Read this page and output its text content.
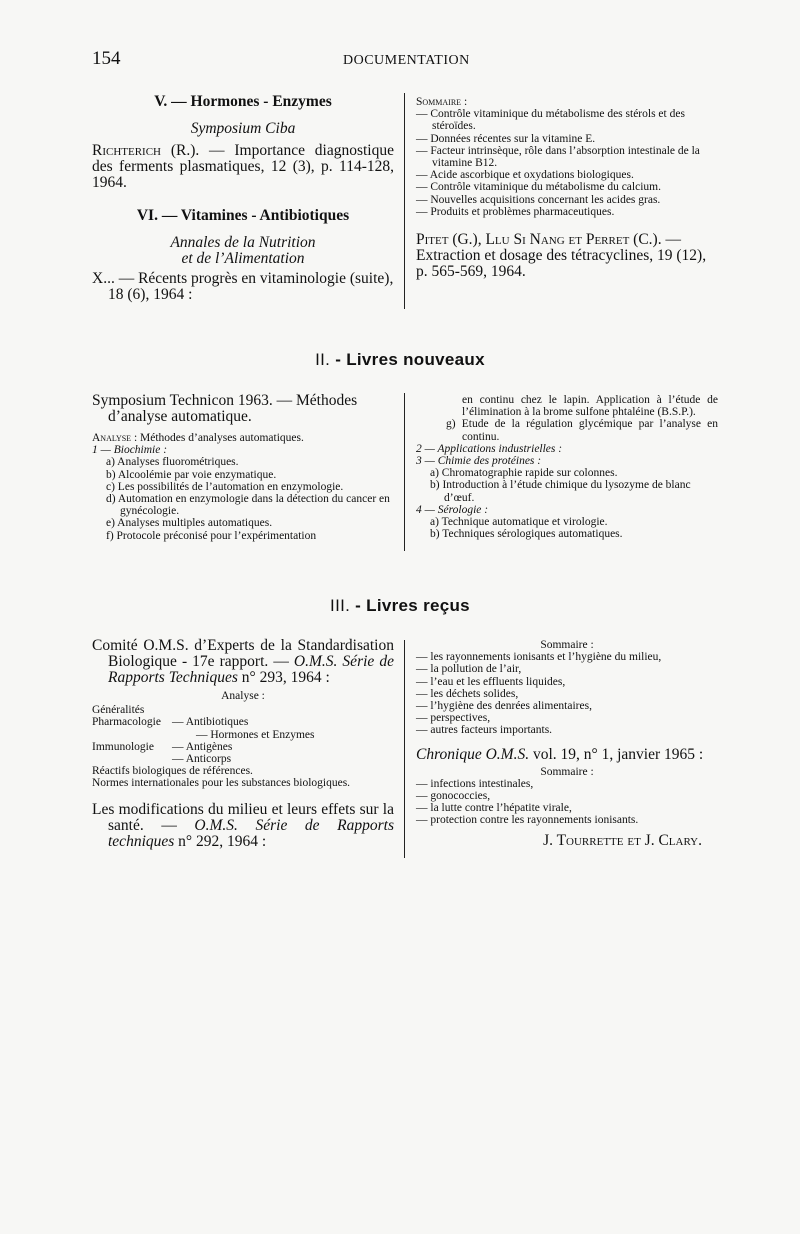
154	DOCUMENTATION

V. — Hormones - Enzymes

Symposium Ciba

Richterich (R.). — Importance diagnostique des ferments plasmatiques, 12 (3), p. 114-128, 1964.

VI. — Vitamines - Antibiotiques

Annales de la Nutrition

et de l’Alimentation

X... — Récents progrès en vitaminologie (suite), 18 (6), 1964 :

Sommaire :

— Contrôle vitaminique du métabolisme des stérols et des stéroïdes.

— Données récentes sur la vitamine E.

— Facteur intrinsèque, rôle dans l’absorption intestinale de la vitamine B12.

— Acide ascorbique et oxydations biologiques.

— Contrôle vitaminique du métabolisme du calcium.

— Nouvelles acquisitions concernant les acides gras.

— Produits et problèmes pharmaceutiques.

Pitet (G.), Llu Si Nang et Perret (C.). — Extraction et dosage des tétracyclines, 19 (12), p. 565-569, 1964.

II. - Livres nouveaux

Symposium Technicon 1963. — Méthodes d’analyse automatique.

Analyse : Méthodes d’analyses automatiques.

1 — Biochimie :

a) Analyses fluorométriques.

b) Alcoolémie par voie enzymatique.

c) Les possibilités de l’automation en enzymologie.

d) Automation en enzymologie dans la détection du cancer en gynécologie.

e) Analyses multiples automatiques.

f) Protocole préconisé pour l’expérimentation

en continu chez le lapin. Application à l’étude de l’élimination à la brome sulfone phtaléine (B.S.P.).

g) Etude de la régulation glycémique par l’analyse en continu.

2 — Applications industrielles :

3 — Chimie des protéines :

a) Chromatographie rapide sur colonnes.

b) Introduction à l’étude chimique du lysozyme de blanc d’œuf.

4 — Sérologie :

a) Technique automatique et virologie.

b) Techniques sérologiques automatiques.

III. - Livres reçus

Comité O.M.S. d’Experts de la Standardisation Biologique - 17e rapport. — O.M.S. Série de Rapports Techniques n° 293, 1964 :

Analyse :

Généralités

Pharmacologie	— Antibiotiques
	— Hormones et Enzymes
Immunologie	— Antigènes
	— Anticorps

Réactifs biologiques de références.

Normes internationales pour les substances biologiques.

Les modifications du milieu et leurs effets sur la santé. — O.M.S. Série de Rapports techniques n° 292, 1964 :

Sommaire :

— les rayonnements ionisants et l’hygiène du milieu,

— la pollution de l’air,

— l’eau et les effluents liquides,

— les déchets solides,

— l’hygiène des denrées alimentaires,

— perspectives,

— autres facteurs importants.

Chronique O.M.S. vol. 19, n° 1, janvier 1965 :

Sommaire :

— infections intestinales,

— gonococcies,

— la lutte contre l’hépatite virale,

— protection contre les rayonnements ionisants.

J. Tourrette et J. Clary.
